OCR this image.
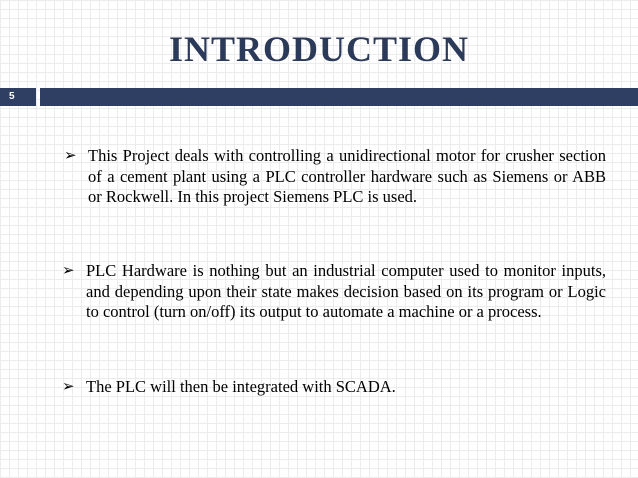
INTRODUCTION
5
➢ This Project deals with controlling a unidirectional motor for crusher section of a cement plant using a PLC controller hardware such as Siemens or ABB or Rockwell. In this project Siemens PLC is used.
➢ PLC Hardware is nothing but an industrial computer used to monitor inputs, and depending upon their state makes decision based on its program or Logic to control (turn on/off) its output to automate a machine or a process.
➢ The PLC will then be integrated with SCADA.
